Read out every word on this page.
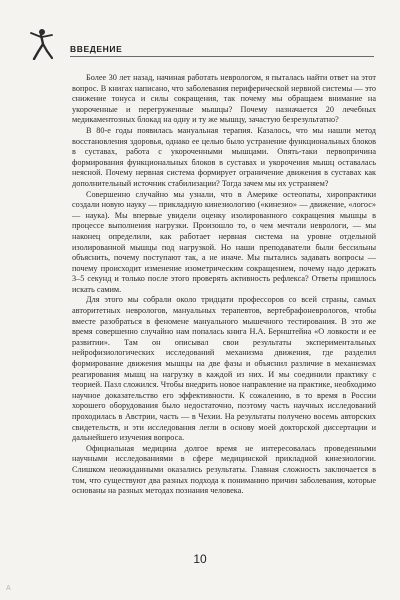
ВВЕДЕНИЕ

Более 30 лет назад, начиная работать неврологом, я пыталась найти ответ на этот вопрос. В книгах написано, что заболевания периферической нервной системы — это снижение тонуса и силы сокращения, так почему мы обращаем внимание на укороченные и перегруженные мышцы? Почему назначается 20 лечебных медикаментозных блокад на одну и ту же мышцу, зачастую безрезультатно?

В 80-е годы появилась мануальная терапия. Казалось, что мы нашли метод восстановления здоровья, однако ее целью было устранение функциональных блоков в суставах, работа с укороченными мышцами. Опять-таки первопричина формирования функциональных блоков в суставах и укорочения мышц оставалась неясной. Почему нервная система формирует ограничение движения в суставах как дополнительный источник стабилизации? Тогда зачем мы их устраняем?

Совершенно случайно мы узнали, что в Америке остеопаты, хиропрактики создали новую науку — прикладную кинезиологию («кинезио» — движение, «логос» — наука). Мы впервые увидели оценку изолированного сокращения мышцы в процессе выполнения нагрузки. Произошло то, о чем мечтали неврологи, — мы наконец определили, как работает нервная система на уровне отдельной изолированной мышцы под нагрузкой. Но наши преподаватели были бессильны объяснить, почему поступают так, а не иначе. Мы пытались задавать вопросы — почему происходит изменение изометрическим сокращением, почему надо держать 3–5 секунд и только после этого проверять активность рефлекса? Ответы пришлось искать самим.

Для этого мы собрали около тридцати профессоров со всей страны, самых авторитетных неврологов, мануальных терапевтов, вертебрафоневрологов, чтобы вместе разобраться в феномене мануального мышечного тестирования. В это же время совершенно случайно нам попалась книга Н.А. Бернштейна «О ловкости и ее развитии». Там он описывал свои результаты экспериментальных нейрофизиологических исследований механизма движения, где разделил формирование движения мышцы на две фазы и объяснил различие в механизмах реагирования мышц на нагрузку в каждой из них. И мы соединили практику с теорией. Пазл сложился. Чтобы внедрить новое направление на практике, необходимо научное доказательство его эффективности. К сожалению, в то время в России хорошего оборудования было недостаточно, поэтому часть научных исследований проходилась в Австрии, часть — в Чехии. На результаты получено восемь авторских свидетельств, и эти исследования легли в основу моей докторской диссертации и дальнейшего изучения вопроса.

Официальная медицина долгое время не интересовалась проведенными научными исследованиями в сфере медицинской прикладной кинезиологии. Слишком неожиданными оказались результаты. Главная сложность заключается в том, что существуют два разных подхода к пониманию причин заболевания, которые основаны на разных методах познания человека.

10
А
